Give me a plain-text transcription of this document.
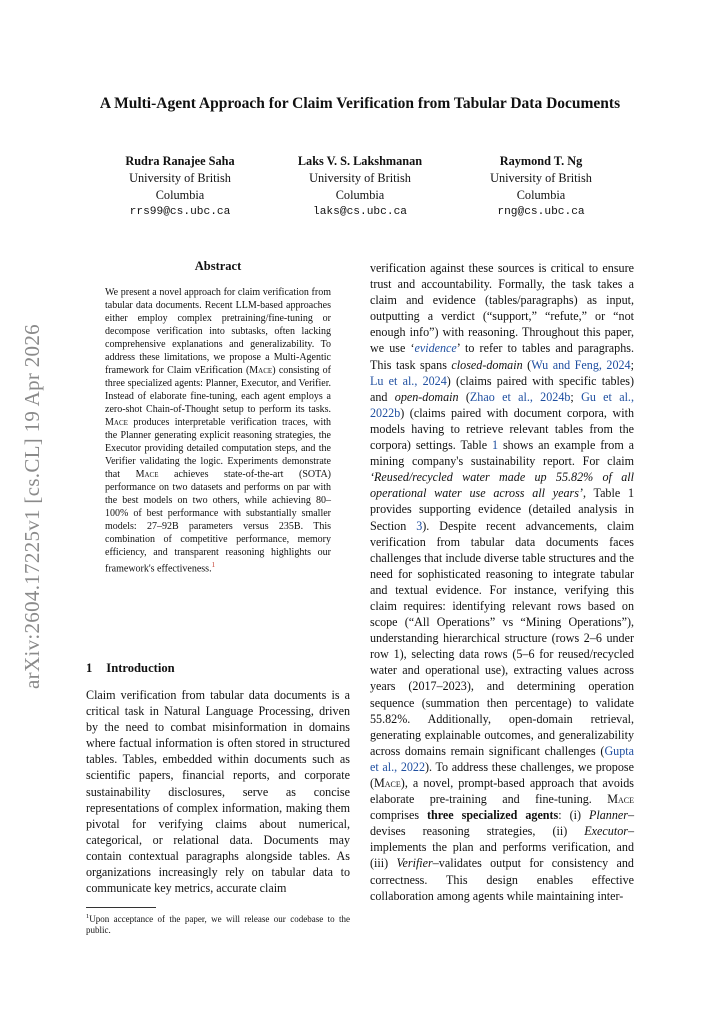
arXiv:2604.17225v1 [cs.CL] 19 Apr 2026
A Multi-Agent Approach for Claim Verification from Tabular Data Documents
Rudra Ranajee Saha
University of British Columbia
rrs99@cs.ubc.ca
Laks V. S. Lakshmanan
University of British Columbia
laks@cs.ubc.ca
Raymond T. Ng
University of British Columbia
rng@cs.ubc.ca
Abstract
We present a novel approach for claim verification from tabular data documents. Recent LLM-based approaches either employ complex pretraining/fine-tuning or decompose verification into subtasks, often lacking comprehensive explanations and generalizability. To address these limitations, we propose a Multi-Agentic framework for Claim vErification (Mace) consisting of three specialized agents: Planner, Executor, and Verifier. Instead of elaborate fine-tuning, each agent employs a zero-shot Chain-of-Thought setup to perform its tasks. Mace produces interpretable verification traces, with the Planner generating explicit reasoning strategies, the Executor providing detailed computation steps, and the Verifier validating the logic. Experiments demonstrate that Mace achieves state-of-the-art (SOTA) performance on two datasets and performs on par with the best models on two others, while achieving 80–100% of best performance with substantially smaller models: 27–92B parameters versus 235B. This combination of competitive performance, memory efficiency, and transparent reasoning highlights our framework's effectiveness.$^1$
1 Introduction
Claim verification from tabular data documents is a critical task in Natural Language Processing, driven by the need to combat misinformation in domains where factual information is often stored in structured tables. Tables, embedded within documents such as scientific papers, financial reports, and corporate sustainability disclosures, serve as concise representations of complex information, making them pivotal for verifying claims about numerical, categorical, or relational data. Documents may contain contextual paragraphs alongside tables. As organizations increasingly rely on tabular data to communicate key metrics, accurate claim
$^1$Upon acceptance of the paper, we will release our codebase to the public.
verification against these sources is critical to ensure trust and accountability. Formally, the task takes a claim and evidence (tables/paragraphs) as input, outputting a verdict (“support,” “refute,” or “not enough info”) with reasoning. Throughout this paper, we use ‘evidence’ to refer to tables and paragraphs. This task spans closed-domain (Wu and Feng, 2024; Lu et al., 2024) (claims paired with specific tables) and open-domain (Zhao et al., 2024b; Gu et al., 2022b) (claims paired with document corpora, with models having to retrieve relevant tables from the corpora) settings. Table 1 shows an example from a mining company's sustainability report. For claim ‘Reused/recycled water made up 55.82% of all operational water use across all years’, Table 1 provides supporting evidence (detailed analysis in Section 3). Despite recent advancements, claim verification from tabular data documents faces challenges that include diverse table structures and the need for sophisticated reasoning to integrate tabular and textual evidence. For instance, verifying this claim requires: identifying relevant rows based on scope (“All Operations” vs “Mining Operations”), understanding hierarchical structure (rows 2–6 under row 1), selecting data rows (5–6 for reused/recycled water and operational use), extracting values across years (2017–2023), and determining operation sequence (summation then percentage) to validate 55.82%. Additionally, open-domain retrieval, generating explainable outcomes, and generalizability across domains remain significant challenges (Gupta et al., 2022). To address these challenges, we propose (Mace), a novel, prompt-based approach that avoids elaborate pre-training and fine-tuning. Mace comprises three specialized agents: (i) Planner–devises reasoning strategies, (ii) Executor– implements the plan and performs verification, and (iii) Verifier–validates output for consistency and correctness. This design enables effective collaboration among agents while maintaining inter-
